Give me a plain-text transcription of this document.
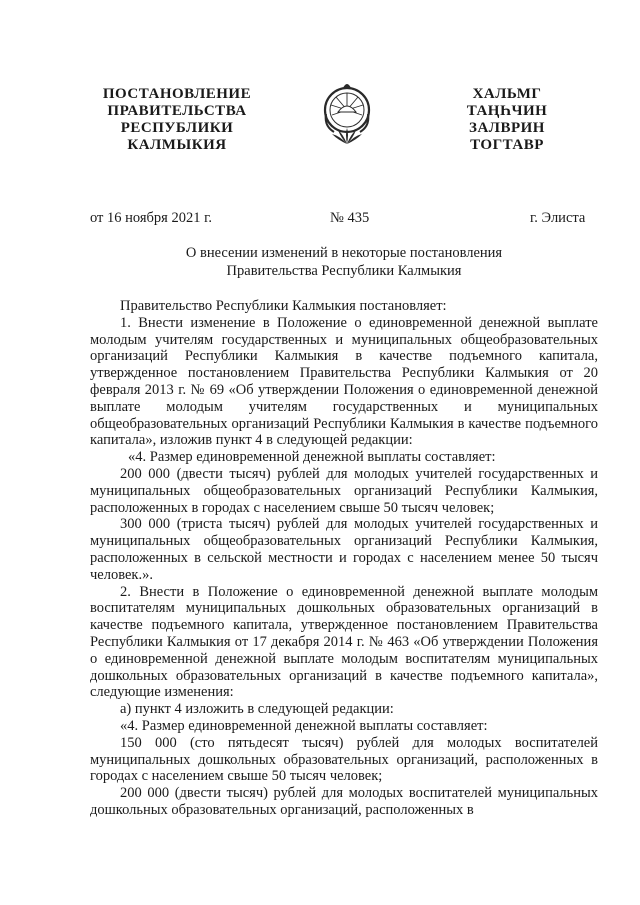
ПОСТАНОВЛЕНИЕ
ПРАВИТЕЛЬСТВА
РЕСПУБЛИКИ
КАЛМЫКИЯ
ХАЛЬМГ
ТАҢҺЧИН
ЗАЛВРИН
ТОГТАВР
от 16 ноября 2021 г.	№ 435	г. Элиста
О внесении изменений в некоторые постановления
Правительства Республики Калмыкия

Правительство Республики Калмыкия постановляет:

1. Внести изменение в Положение о единовременной денежной выплате молодым учителям государственных и муниципальных общеобразовательных организаций Республики Калмыкия в качестве подъемного капитала, утвержденное постановлением Правительства Республики Калмыкия от 20 февраля 2013 г. № 69 «Об утверждении Положения о единовременной денежной выплате молодым учителям государственных и муниципальных общеобразовательных организаций Республики Калмыкия в качестве подъемного капитала», изложив пункт 4 в следующей редакции:

«4. Размер единовременной денежной выплаты составляет:

200 000 (двести тысяч) рублей для молодых учителей государственных и муниципальных общеобразовательных организаций Республики Калмыкия, расположенных в городах с населением свыше 50 тысяч человек;

300 000 (триста тысяч) рублей для молодых учителей государственных и муниципальных общеобразовательных организаций Республики Калмыкия, расположенных в сельской местности и городах с населением менее 50 тысяч человек.».

2. Внести в Положение о единовременной денежной выплате молодым воспитателям муниципальных дошкольных образовательных организаций в качестве подъемного капитала, утвержденное постановлением Правительства Республики Калмыкия от 17 декабря 2014 г. № 463 «Об утверждении Положения о единовременной денежной выплате молодым воспитателям муниципальных дошкольных образовательных организаций в качестве подъемного капитала», следующие изменения:

а) пункт 4 изложить в следующей редакции:

«4. Размер единовременной денежной выплаты составляет:

150 000 (сто пятьдесят тысяч) рублей для молодых воспитателей муниципальных дошкольных образовательных организаций, расположенных в городах с населением свыше 50 тысяч человек;

200 000 (двести тысяч) рублей для молодых воспитателей муниципальных дошкольных образовательных организаций, расположенных в
